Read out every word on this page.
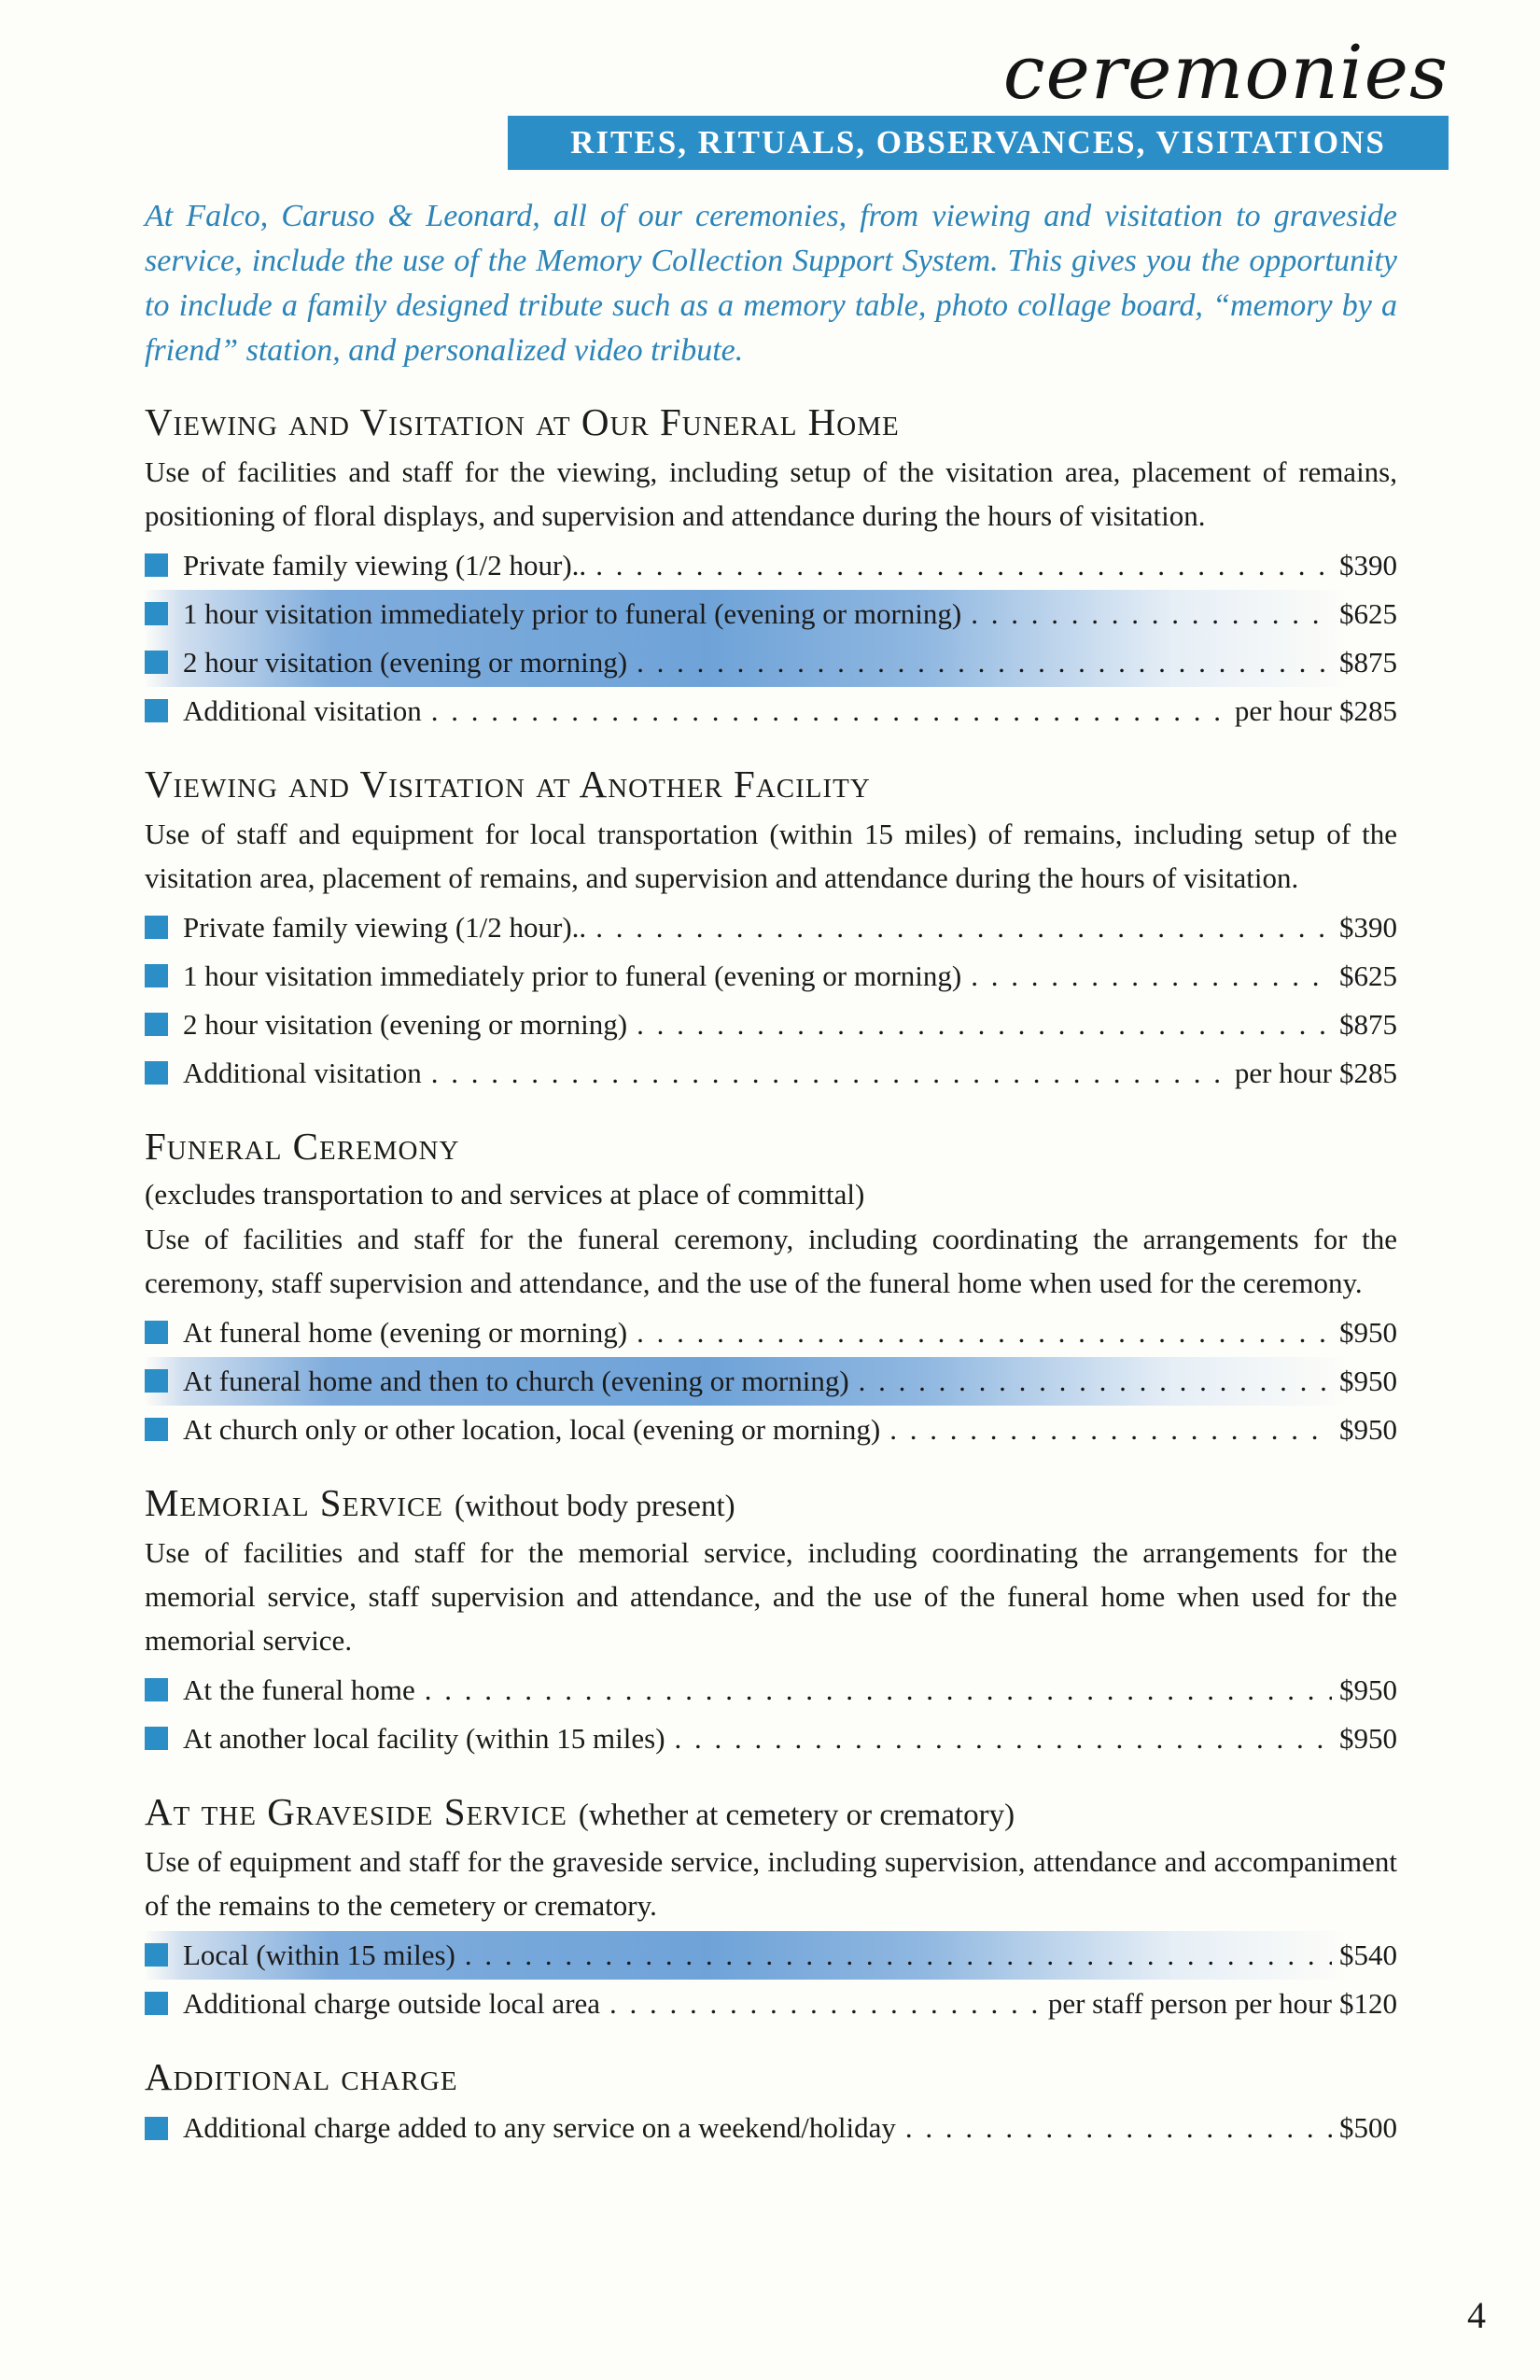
ceremonies
RITES, RITUALS, OBSERVANCES, VISITATIONS

At Falco, Caruso & Leonard, all of our ceremonies, from viewing and visitation to graveside service, include the use of the Memory Collection Support System. This gives you the opportunity to include a family designed tribute such as a memory table, photo collage board, “memory by a friend” station, and personalized video tribute.

Viewing and Visitation at Our Funeral Home

Use of facilities and staff for the viewing, including setup of the visitation area, placement of remains, positioning of floral displays, and supervision and attendance during the hours of visitation.

Private family viewing (1/2 hour).. . . .	$390
1 hour visitation immediately prior to funeral (evening or morning) . . .	$625
2 hour visitation (evening or morning) . . .	$875
Additional visitation . . .	per hour $285
Viewing and Visitation at Another Facility

Use of staff and equipment for local transportation (within 15 miles) of remains, including setup of the visitation area, placement of remains, and supervision and attendance during the hours of visitation.

Private family viewing (1/2 hour).. . . .	$390
1 hour visitation immediately prior to funeral (evening or morning) . . .	$625
2 hour visitation (evening or morning) . . .	$875
Additional visitation . . .	per hour $285
Funeral Ceremony

(excludes transportation to and services at place of committal)

Use of facilities and staff for the funeral ceremony, including coordinating the arrangements for the ceremony, staff supervision and attendance, and the use of the funeral home when used for the ceremony.

At funeral home (evening or morning) . . .	$950
At funeral home and then to church (evening or morning) . . .	$950
At church only or other location, local (evening or morning) . . .	$950
Memorial Service (without body present)

Use of facilities and staff for the memorial service, including coordinating the arrangements for the memorial service, staff supervision and attendance, and the use of the funeral home when used for the memorial service.

At the funeral home . . .	$950
At another local facility (within 15 miles) . . .	$950
At the Graveside Service (whether at cemetery or crematory)

Use of equipment and staff for the graveside service, including supervision, attendance and accompaniment of the remains to the cemetery or crematory.

Local (within 15 miles) . . .	$540
Additional charge outside local area . . .	per staff person per hour $120
Additional charge
Additional charge added to any service on a weekend/holiday . . .	$500
4
